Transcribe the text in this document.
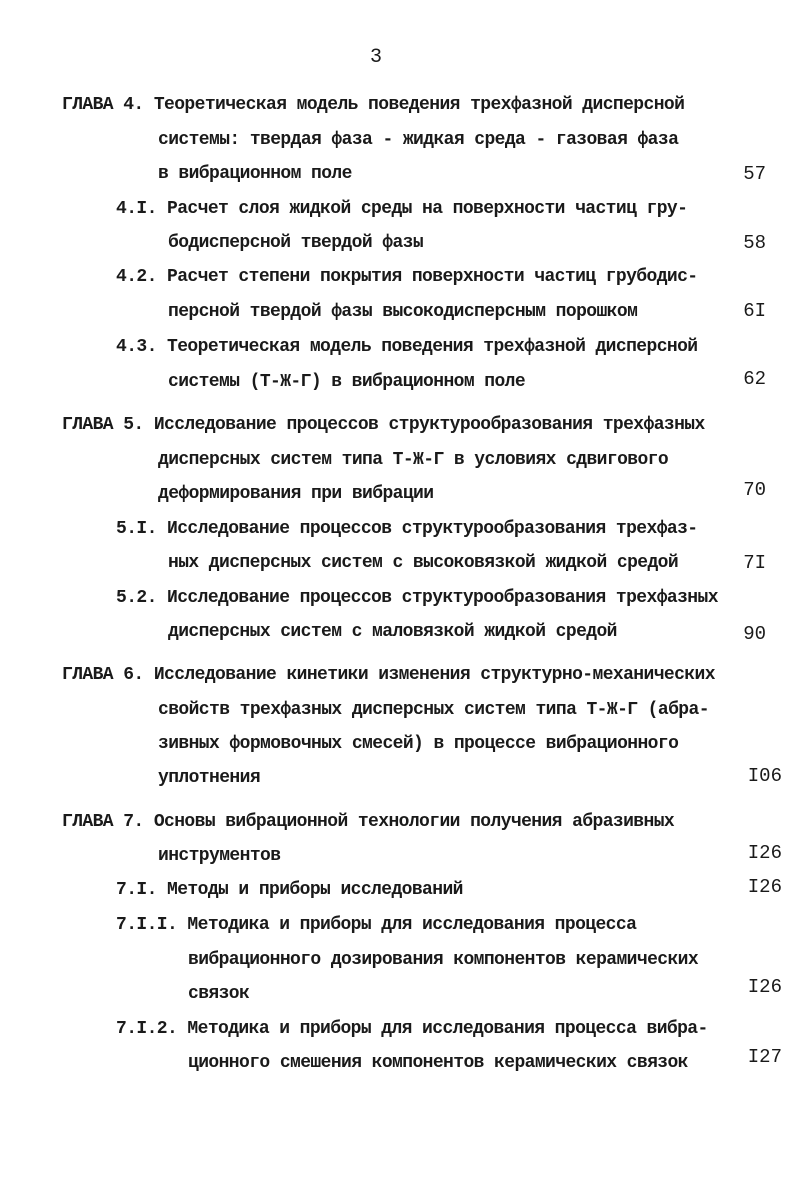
3
ГЛАВА 4. Теоретическая модель поведения трехфазной дисперсной
системы: твердая фаза - жидкая среда - газовая фаза
в вибрационном поле	57
4.I. Расчет слоя жидкой среды на поверхности частиц гру-
бодисперсной твердой фазы	58
4.2. Расчет степени покрытия поверхности частиц грубодис-
персной твердой фазы высокодисперсным порошком	6I
4.3. Теоретическая модель поведения трехфазной дисперсной
системы (Т-Ж-Г) в вибрационном поле	62
ГЛАВА 5. Исследование процессов структурообразования трехфазных
дисперсных систем типа Т-Ж-Г в условиях сдвигового
деформирования при вибрации	70
5.I. Исследование процессов структурообразования трехфаз-
ных дисперсных систем с высоковязкой жидкой средой	7I
5.2. Исследование процессов структурообразования трехфазных
дисперсных систем с маловязкой жидкой средой	90
ГЛАВА 6. Исследование кинетики изменения структурно-механических
свойств трехфазных дисперсных систем типа Т-Ж-Г (абра-
зивных формовочных смесей) в процессе вибрационного
уплотнения	I06
ГЛАВА 7. Основы вибрационной технологии получения абразивных
инструментов	I26
7.I. Методы и приборы исследований	I26
7.I.I. Методика и приборы для исследования процесса
вибрационного дозирования компонентов керамических
связок	I26
7.I.2. Методика и приборы для исследования процесса вибра-
ционного смешения компонентов керамических связок	I27
